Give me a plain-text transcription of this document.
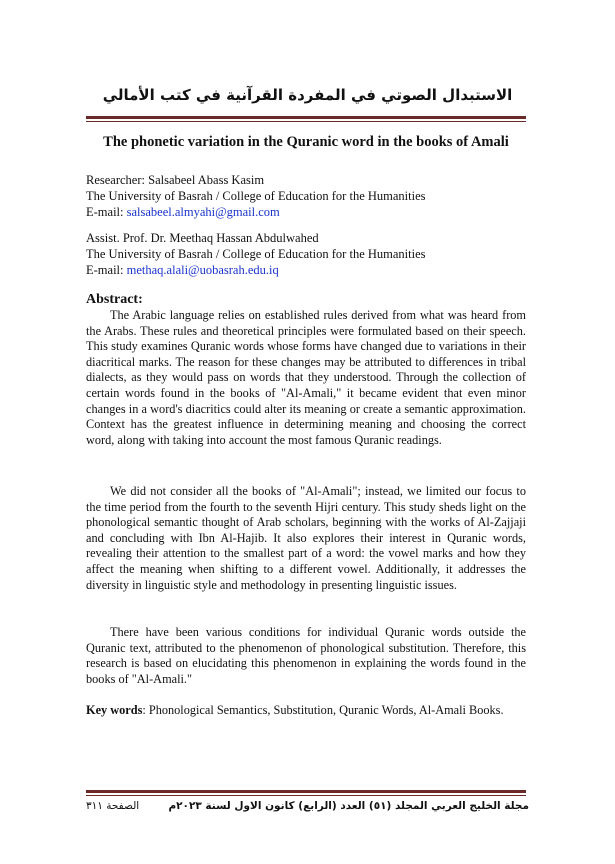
الاستبدال الصوتي في المفردة القرآنية في كتب الأمالي
The phonetic variation in the Quranic word in the books of Amali
Researcher: Salsabeel Abass Kasim
The University of Basrah / College of Education for the Humanities
E-mail: salsabeel.almyahi@gmail.com
Assist. Prof. Dr. Meethaq Hassan Abdulwahed
The University of Basrah / College of Education for the Humanities
E-mail: methaq.alali@uobasrah.edu.iq
Abstract:
The Arabic language relies on established rules derived from what was heard from the Arabs. These rules and theoretical principles were formulated based on their speech. This study examines Quranic words whose forms have changed due to variations in their diacritical marks. The reason for these changes may be attributed to differences in tribal dialects, as they would pass on words that they understood. Through the collection of certain words found in the books of "Al-Amali," it became evident that even minor changes in a word's diacritics could alter its meaning or create a semantic approximation. Context has the greatest influence in determining meaning and choosing the correct word, along with taking into account the most famous Quranic readings.
We did not consider all the books of "Al-Amali"; instead, we limited our focus to the time period from the fourth to the seventh Hijri century. This study sheds light on the phonological semantic thought of Arab scholars, beginning with the works of Al-Zajjaji and concluding with Ibn Al-Hajib. It also explores their interest in Quranic words, revealing their attention to the smallest part of a word: the vowel marks and how they affect the meaning when shifting to a different vowel. Additionally, it addresses the diversity in linguistic style and methodology in presenting linguistic issues.
There have been various conditions for individual Quranic words outside the Quranic text, attributed to the phenomenon of phonological substitution. Therefore, this research is based on elucidating this phenomenon in explaining the words found in the books of "Al-Amali."
Key words: Phonological Semantics, Substitution, Quranic Words, Al-Amali Books.
مجلة الخليج العربي المجلد (٥١) العدد (الرابع) كانون الاول لسنة ٢٠٢٣م
الصفحة ٣١١
